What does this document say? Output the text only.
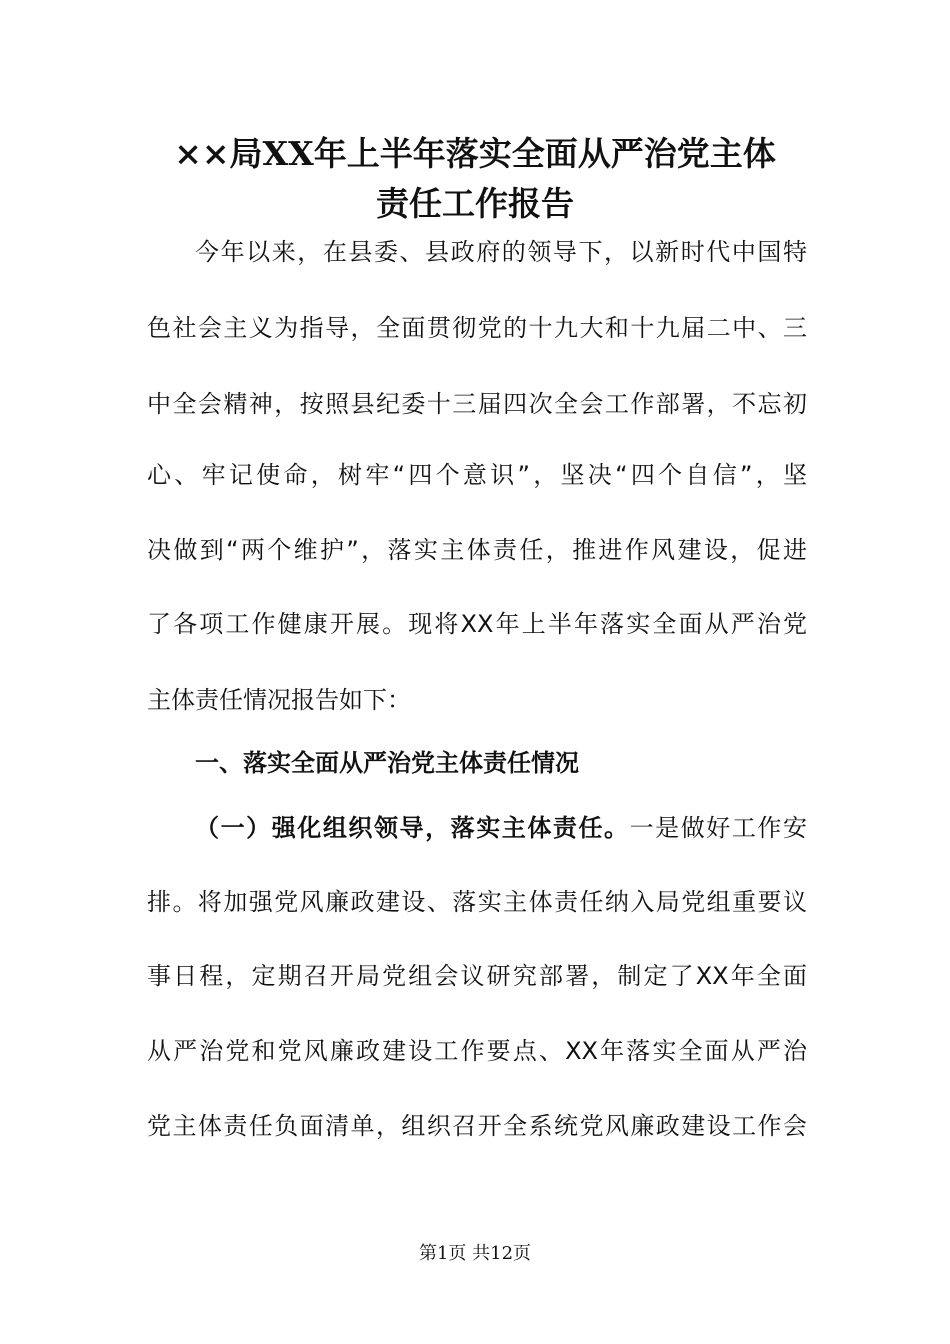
××局XX年上半年落实全面从严治党主体
责任工作报告

今年以来，在县委、县政府的领导下，以新时代中国特

色社会主义为指导，全面贯彻党的十九大和十九届二中、三

中全会精神，按照县纪委十三届四次全会工作部署，不忘初

心、牢记使命，树牢“四个意识”，坚决“四个自信”，坚

决做到“两个维护”，落实主体责任，推进作风建设，促进

了各项工作健康开展。现将XX年上半年落实全面从严治党

主体责任情况报告如下：

一、落实全面从严治党主体责任情况

（一）强化组织领导，落实主体责任。一是做好工作安

排。将加强党风廉政建设、落实主体责任纳入局党组重要议

事日程，定期召开局党组会议研究部署，制定了XX年全面

从严治党和党风廉政建设工作要点、XX年落实全面从严治

党主体责任负面清单，组织召开全系统党风廉政建设工作会

第1页 共12页
